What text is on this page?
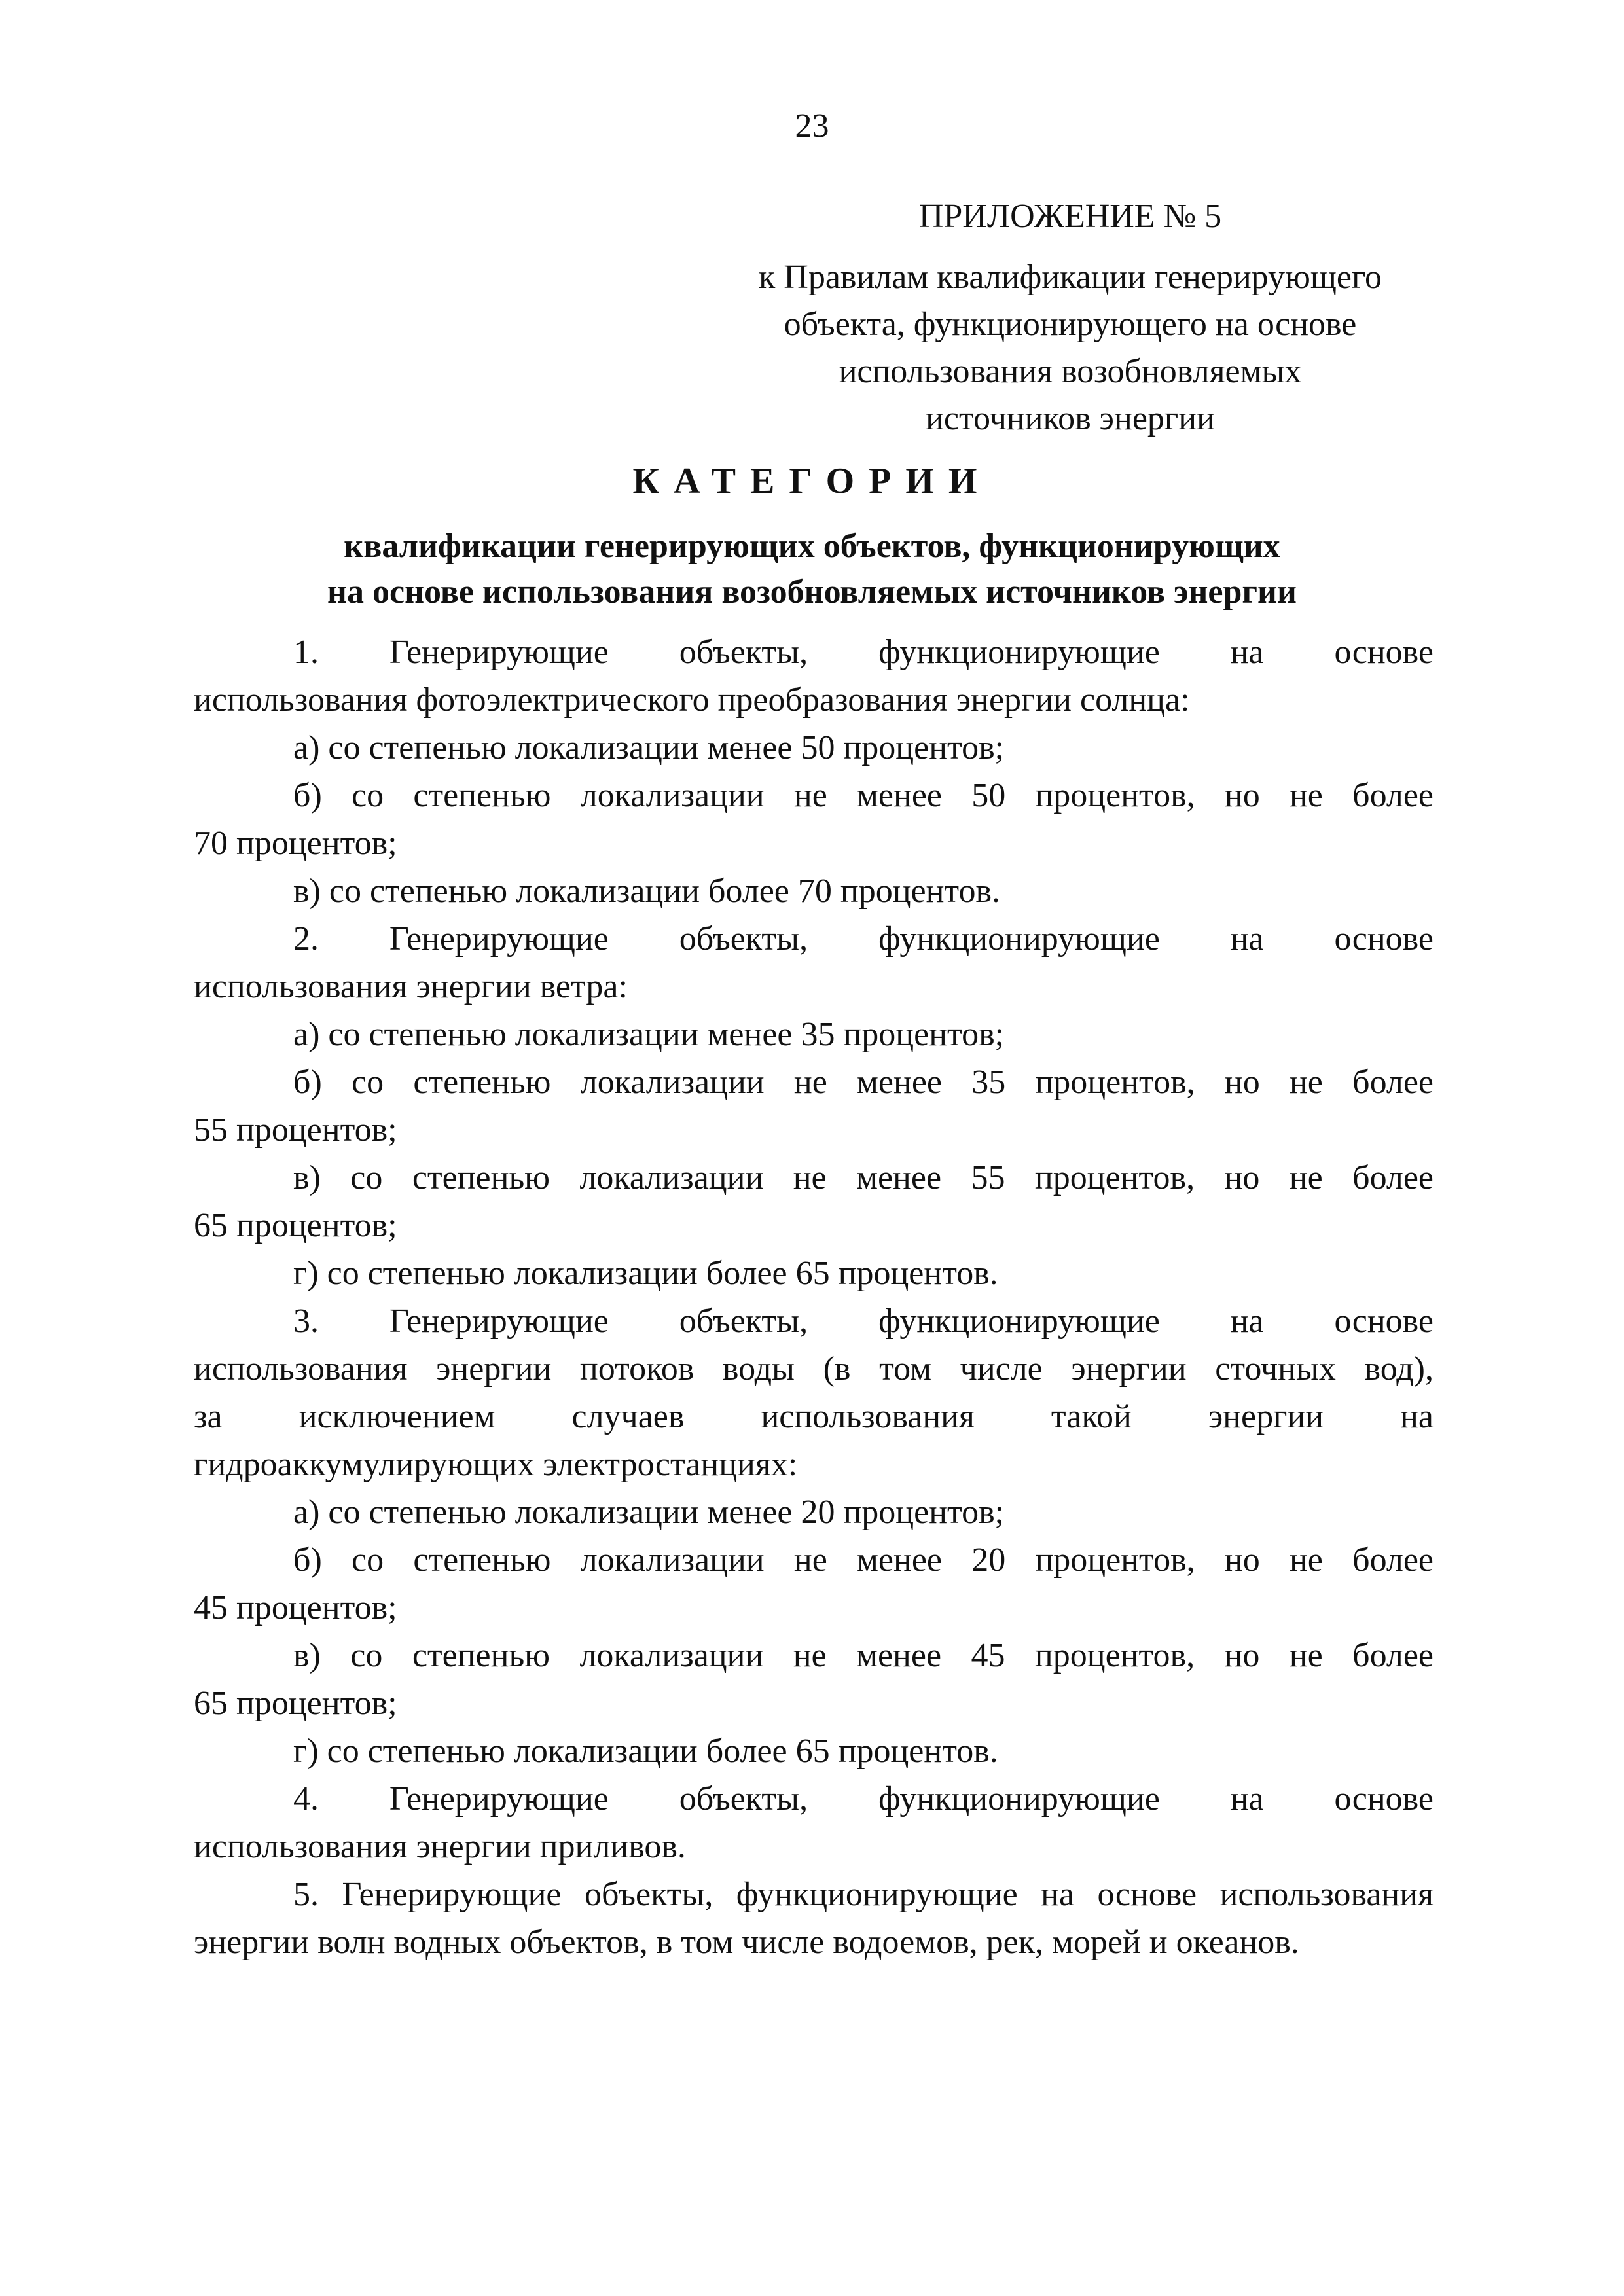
23
ПРИЛОЖЕНИЕ № 5
к Правилам квалификации генерирующего
объекта, функционирующего на основе
использования возобновляемых
источников энергии
КАТЕГОРИИ
квалификации генерирующих объектов, функционирующих
на основе использования возобновляемых источников энергии

1. Генерирующие объекты, функционирующие на основе

использования фотоэлектрического преобразования энергии солнца:

а) со степенью локализации менее 50 процентов;

б) со степенью локализации не менее 50 процентов, но не более

70 процентов;

в) со степенью локализации более 70 процентов.

2. Генерирующие объекты, функционирующие на основе

использования энергии ветра:

а) со степенью локализации менее 35 процентов;

б) со степенью локализации не менее 35 процентов, но не более

55 процентов;

в) со степенью локализации не менее 55 процентов, но не более

65 процентов;

г) со степенью локализации более 65 процентов.

3. Генерирующие объекты, функционирующие на основе

использования энергии потоков воды (в том числе энергии сточных вод),

за исключением случаев использования такой энергии на

гидроаккумулирующих электростанциях:

а) со степенью локализации менее 20 процентов;

б) со степенью локализации не менее 20 процентов, но не более

45 процентов;

в) со степенью локализации не менее 45 процентов, но не более

65 процентов;

г) со степенью локализации более 65 процентов.

4. Генерирующие объекты, функционирующие на основе

использования энергии приливов.

5. Генерирующие объекты, функционирующие на основе использования

энергии волн водных объектов, в том числе водоемов, рек, морей и океанов.
